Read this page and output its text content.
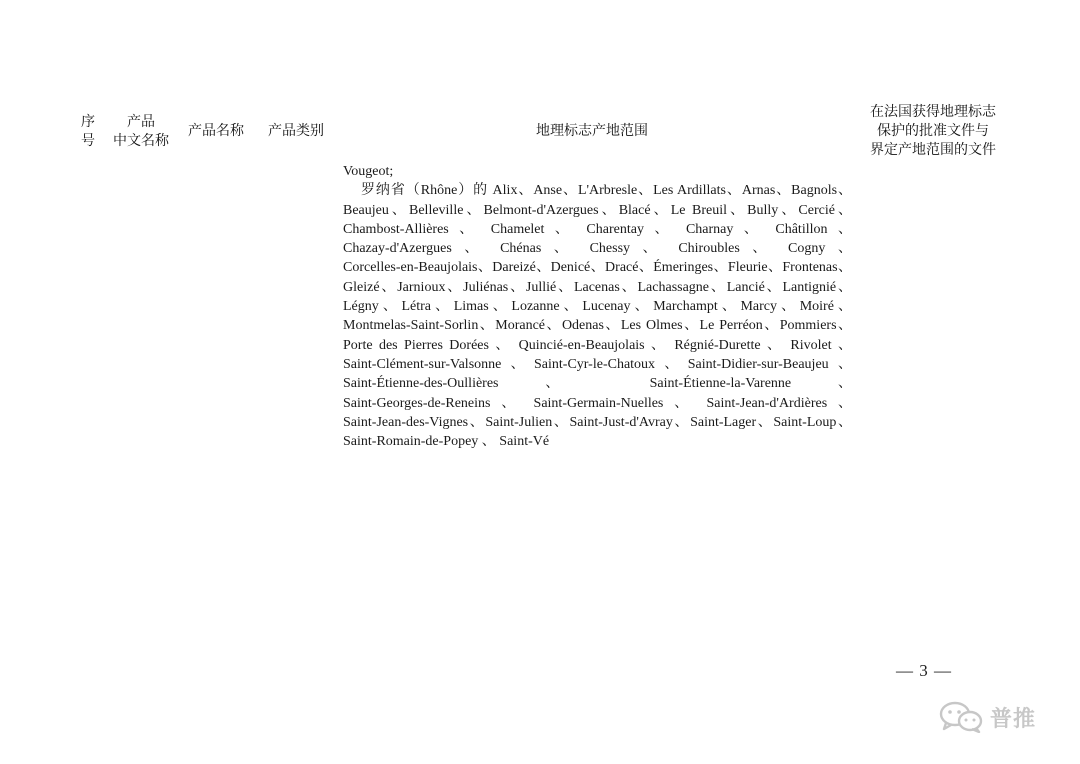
序
号
产品
中文名称
产品名称 产品类别	地理标志产地范围
在法国获得地理标志
保护的批准文件与
界定产地范围的文件
Vougeot;
罗纳省（Rhône）的 Alix、Anse、L'Arbresle、Les Ardillats、Arnas、Bagnols、
Beaujeu、Belleville、Belmont-d'Azergues、Blacé、Le Breuil、Bully、Cercié、
Chambost-Allières 、 Chamelet 、 Charentay 、 Charnay 、 Châtillon 、
Chazay-d'Azergues 、 Chénas 、 Chessy 、 Chiroubles 、 Cogny 、
Corcelles-en-Beaujolais、Dareizé、Denicé、Dracé、Émeringes、Fleurie、Frontenas、
Gleizé、Jarnioux、Juliénas、Jullié、Lacenas、Lachassagne、Lancié、Lantignié、
Légny 、 Létra 、 Limas 、 Lozanne 、 Lucenay 、 Marchampt 、 Marcy 、 Moiré 、
Montmelas-Saint-Sorlin、Morancé、Odenas、Les Olmes、Le Perréon、Pommiers、
Porte des Pierres Dorées 、 Quincié-en-Beaujolais 、 Régnié-Durette 、 Rivolet 、
Saint-Clément-sur-Valsonne、Saint-Cyr-le-Chatoux、Saint-Didier-sur-Beaujeu、
Saint-Étienne-des-Oullières 、 Saint-Étienne-la-Varenne 、
Saint-Georges-de-Reneins 、 Saint-Germain-Nuelles 、 Saint-Jean-d'Ardières 、
Saint-Jean-des-Vignes、Saint-Julien、Saint-Just-d'Avray、Saint-Lager、Saint-Loup、
Saint-Romain-de-Popey 、 Saint-Vé
— 3 —
普推
